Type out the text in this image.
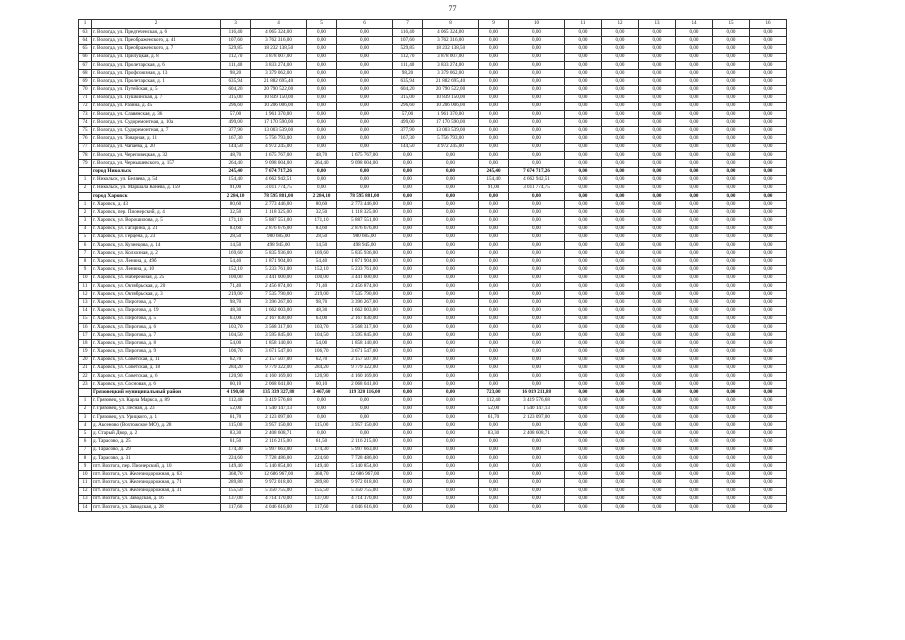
77
1	2	3	4	5	6	7	8	9	10	11	12	13	14	15	16
63	г. Вологда, ул. Предтеченская, д. 6	116,40	4 065 324,00	0,00	0,00	116,40	4 065 324,00	0,00	0,00	0,00	0,00	0,00	0,00	0,00	0,00
64	г. Вологда, ул. Преображенского, д. 41	107,60	3 762 316,00	0,00	0,00	107,60	3 762 316,00	0,00	0,00	0,00	0,00	0,00	0,00	0,00	0,00
65	г. Вологда, ул. Преображенского, д. 7	529,85	18 232 138,50	0,00	0,00	529,85	18 232 138,50	0,00	0,00	0,00	0,00	0,00	0,00	0,00	0,00
66	г. Вологда, ул. Прилуцкая, д. 8	112,70	3 878 007,00	0,00	0,00	112,70	3 878 007,00	0,00	0,00	0,00	0,00	0,00	0,00	0,00	0,00
67	г. Вологда, ул. Пролетарская, д. 6	111,40	3 833 274,00	0,00	0,00	111,40	3 833 274,00	0,00	0,00	0,00	0,00	0,00	0,00	0,00	0,00
68	г. Вологда, ул. Профсоюзная, д. 13	98,20	3 379 062,00	0,00	0,00	98,20	3 379 062,00	0,00	0,00	0,00	0,00	0,00	0,00	0,00	0,00
69	г. Вологда, ул. Пролетарская, д. 1	635,94	21 882 695,40	0,00	0,00	635,94	21 882 695,40	0,00	0,00	0,00	0,00	0,00	0,00	0,00	0,00
70	г. Вологда, ул. Путейская, д. 5	604,20	20 790 522,00	0,00	0,00	604,20	20 790 522,00	0,00	0,00	0,00	0,00	0,00	0,00	0,00	0,00
71	г. Вологда, ул. Пушкинская, д. 7	315,00	10 839 150,00	0,00	0,00	315,00	10 839 150,00	0,00	0,00	0,00	0,00	0,00	0,00	0,00	0,00
72	г. Вологда, ул. Разина, д. 45	296,60	10 206 006,00	0,00	0,00	296,60	10 206 006,00	0,00	0,00	0,00	0,00	0,00	0,00	0,00	0,00
73	г. Вологда, ул. Славянская, д. 36	57,00	1 961 370,00	0,00	0,00	57,00	1 961 370,00	0,00	0,00	0,00	0,00	0,00	0,00	0,00	0,00
74	г. Вологда, ул. Судоремонтная, д. 10а	499,00	17 170 590,00	0,00	0,00	499,00	17 170 590,00	0,00	0,00	0,00	0,00	0,00	0,00	0,00	0,00
75	г. Вологда, ул. Судоремонтная, д. 7	377,90	13 003 539,00	0,00	0,00	377,90	13 003 539,00	0,00	0,00	0,00	0,00	0,00	0,00	0,00	0,00
76	г. Вологда, ул. Товарная, д. 11	167,30	5 756 793,00	0,00	0,00	167,30	5 756 793,00	0,00	0,00	0,00	0,00	0,00	0,00	0,00	0,00
77	г. Вологда, ул. Чапаева, д. 20	144,50	4 972 245,00	0,00	0,00	144,50	4 972 245,00	0,00	0,00	0,00	0,00	0,00	0,00	0,00	0,00
78	г. Вологда, ул. Череповецкая, д. 32	48,70	1 675 767,00	48,70	1 675 767,00	0,00	0,00	0,00	0,00	0,00	0,00	0,00	0,00	0,00	0,00
79	г. Вологда, ул. Чернышевского, д. 157	264,40	9 098 004,00	264,40	9 098 004,00	0,00	0,00	0,00	0,00	0,00	0,00	0,00	0,00	0,00	0,00
	город Никольск	245,40	7 674 717,26	0,00	0,00	0,00	0,00	245,40	7 674 717,26	0,00	0,00	0,00	0,00	0,00	0,00
1	г. Никольск, ул. Беляева, д. 54	154,40	4 662 942,51	0,00	0,00	0,00	0,00	154,40	4 662 942,51	0,00	0,00	0,00	0,00	0,00	0,00
2	г. Никольск, ул. Маршала Конева, д. 159	91,00	3 011 774,75	0,00	0,00	0,00	0,00	91,00	3 011 774,75	0,00	0,00	0,00	0,00	0,00	0,00
	город Харовск	2 284,10	78 595 881,00	2 284,10	78 595 881,00	0,00	0,00	0,00	0,00	0,00	0,00	0,00	0,00	0,00	0,00
1	г. Харовск, д. 43	80,60	2 773 446,00	80,60	2 773 446,00	0,00	0,00	0,00	0,00	0,00	0,00	0,00	0,00	0,00	0,00
2	г. Харовск, пер. Пионерский, д. 4	32,50	1 118 325,00	32,50	1 118 325,00	0,00	0,00	0,00	0,00	0,00	0,00	0,00	0,00	0,00	0,00
3	г. Харовск, ул. Ворошилова, д. 5	171,10	5 887 551,00	171,10	5 887 551,00	0,00	0,00	0,00	0,00	0,00	0,00	0,00	0,00	0,00	0,00
4	г. Харовск, ул. Гагарина, д. 21	83,60	2 876 676,00	83,60	2 876 676,00	0,00	0,00	0,00	0,00	0,00	0,00	0,00	0,00	0,00	0,00
5	г. Харовск, ул. Герцена, д. 23	28,50	980 685,00	28,50	980 685,00	0,00	0,00	0,00	0,00	0,00	0,00	0,00	0,00	0,00	0,00
6	г. Харовск, ул. Кузнецова, д. 14	14,50	498 945,00	14,50	498 945,00	0,00	0,00	0,00	0,00	0,00	0,00	0,00	0,00	0,00	0,00
7	г. Харовск, ул. Колхозная, д. 2	169,60	5 835 936,00	169,60	5 835 936,00	0,00	0,00	0,00	0,00	0,00	0,00	0,00	0,00	0,00	0,00
8	г. Харовск, ул. Ленина, д. 49б	54,40	1 871 904,00	54,40	1 871 904,00	0,00	0,00	0,00	0,00	0,00	0,00	0,00	0,00	0,00	0,00
9	г. Харовск, ул. Ленина, д. 10	152,10	5 233 761,00	152,10	5 233 761,00	0,00	0,00	0,00	0,00	0,00	0,00	0,00	0,00	0,00	0,00
10	г. Харовск, ул. Набережная, д. 25	100,00	3 441 000,00	100,00	3 441 000,00	0,00	0,00	0,00	0,00	0,00	0,00	0,00	0,00	0,00	0,00
11	г. Харовск, ул. Октябрьская, д. 20	71,40	2 456 874,00	71,40	2 456 874,00	0,00	0,00	0,00	0,00	0,00	0,00	0,00	0,00	0,00	0,00
12	г. Харовск, ул. Октябрьская, д. 3	219,00	7 535 790,00	219,00	7 535 790,00	0,00	0,00	0,00	0,00	0,00	0,00	0,00	0,00	0,00	0,00
13	г. Харовск, ул. Пирогова, д. 7	98,70	3 396 267,00	98,70	3 396 267,00	0,00	0,00	0,00	0,00	0,00	0,00	0,00	0,00	0,00	0,00
14	г. Харовск, ул. Пирогова, д. 19	48,30	1 662 003,00	48,30	1 662 003,00	0,00	0,00	0,00	0,00	0,00	0,00	0,00	0,00	0,00	0,00
15	г. Харовск, ул. Пирогова, д. 5	63,00	2 167 830,00	63,00	2 167 830,00	0,00	0,00	0,00	0,00	0,00	0,00	0,00	0,00	0,00	0,00
16	г. Харовск, ул. Пирогова, д. 6	103,70	3 568 317,00	103,70	3 568 317,00	0,00	0,00	0,00	0,00	0,00	0,00	0,00	0,00	0,00	0,00
17	г. Харовск, ул. Пирогова, д. 7	104,50	3 595 845,00	104,50	3 595 845,00	0,00	0,00	0,00	0,00	0,00	0,00	0,00	0,00	0,00	0,00
18	г. Харовск, ул. Пирогова, д. 8	54,00	1 858 140,00	54,00	1 858 140,00	0,00	0,00	0,00	0,00	0,00	0,00	0,00	0,00	0,00	0,00
19	г. Харовск, ул. Пирогова, д. 9	106,70	3 671 547,00	106,70	3 671 547,00	0,00	0,00	0,00	0,00	0,00	0,00	0,00	0,00	0,00	0,00
20	г. Харовск, ул. Советская, д. 11	62,70	2 157 507,00	62,70	2 157 507,00	0,00	0,00	0,00	0,00	0,00	0,00	0,00	0,00	0,00	0,00
21	г. Харовск, ул. Советская, д. 18	284,20	9 779 322,00	284,20	9 779 322,00	0,00	0,00	0,00	0,00	0,00	0,00	0,00	0,00	0,00	0,00
22	г. Харовск, ул. Советская, д. 6	120,90	4 160 169,00	120,90	4 160 169,00	0,00	0,00	0,00	0,00	0,00	0,00	0,00	0,00	0,00	0,00
23	г. Харовск, ул. Сосновая, д. 6	60,10	2 068 041,00	60,10	2 068 041,00	0,00	0,00	0,00	0,00	0,00	0,00	0,00	0,00	0,00	0,00
	Грязовецкий муниципальный район	4 190,60	135 339 327,88	3 467,60	119 320 116,00	0,00	0,00	723,00	16 019 211,88	0,00	0,00	0,00	0,00	0,00	0,00
1	г. Грязовец, ул. Карла Маркса, д. 89	112,40	3 419 576,68	0,00	0,00	0,00	0,00	112,40	3 419 576,68	0,00	0,00	0,00	0,00	0,00	0,00
2	г. Грязовец, ул. Лесная, д. 23	52,00	1 540 147,13	0,00	0,00	0,00	0,00	52,00	1 540 147,13	0,00	0,00	0,00	0,00	0,00	0,00
3	г. Грязовец, ул. Урицкого, д. 1	61,70	2 123 097,00	0,00	0,00	0,00	0,00	61,70	2 123 097,00	0,00	0,00	0,00	0,00	0,00	0,00
4	д. Аксеново (Вохтожское МО), д. 28	115,00	3 957 150,00	115,00	3 957 150,00	0,00	0,00	0,00	0,00	0,00	0,00	0,00	0,00	0,00	0,00
5	д. Старый Двор, д. 2	83,30	2 408 608,71	0,00	0,00	0,00	0,00	83,30	2 408 608,71	0,00	0,00	0,00	0,00	0,00	0,00
6	д. Тарасово, д. 25	61,50	2 116 215,00	61,50	2 116 215,00	0,00	0,00	0,00	0,00	0,00	0,00	0,00	0,00	0,00	0,00
7	д. Тарасово, д. 29	174,30	5 997 663,00	174,30	5 997 663,00	0,00	0,00	0,00	0,00	0,00	0,00	0,00	0,00	0,00	0,00
8	д. Тарасово, д. 31	224,60	7 728 486,00	224,60	7 728 486,00	0,00	0,00	0,00	0,00	0,00	0,00	0,00	0,00	0,00	0,00
9	пгт. Вохтога, пер. Пионерский, д. 10	149,40	5 140 854,00	149,40	5 140 854,00	0,00	0,00	0,00	0,00	0,00	0,00	0,00	0,00	0,00	0,00
10	пгт. Вохтога, ул. Железнодорожная, д. 63	368,70	12 686 967,00	368,70	12 686 967,00	0,00	0,00	0,00	0,00	0,00	0,00	0,00	0,00	0,00	0,00
11	пгт. Вохтога, ул. Железнодорожная, д. 71	289,80	9 972 018,00	289,80	9 972 018,00	0,00	0,00	0,00	0,00	0,00	0,00	0,00	0,00	0,00	0,00
12	пгт. Вохтога, ул. Железнодорожная, д. 31	155,50	5 350 755,00	155,50	5 350 755,00	0,00	0,00	0,00	0,00	0,00	0,00	0,00	0,00	0,00	0,00
13	пгт. Вохтога, ул. Заводская, д. 16	137,00	4 714 170,00	137,00	4 714 170,00	0,00	0,00	0,00	0,00	0,00	0,00	0,00	0,00	0,00	0,00
14	пгт. Вохтога, ул. Заводская, д. 28	117,60	4 046 616,00	117,60	4 046 616,00	0,00	0,00	0,00	0,00	0,00	0,00	0,00	0,00	0,00	0,00
